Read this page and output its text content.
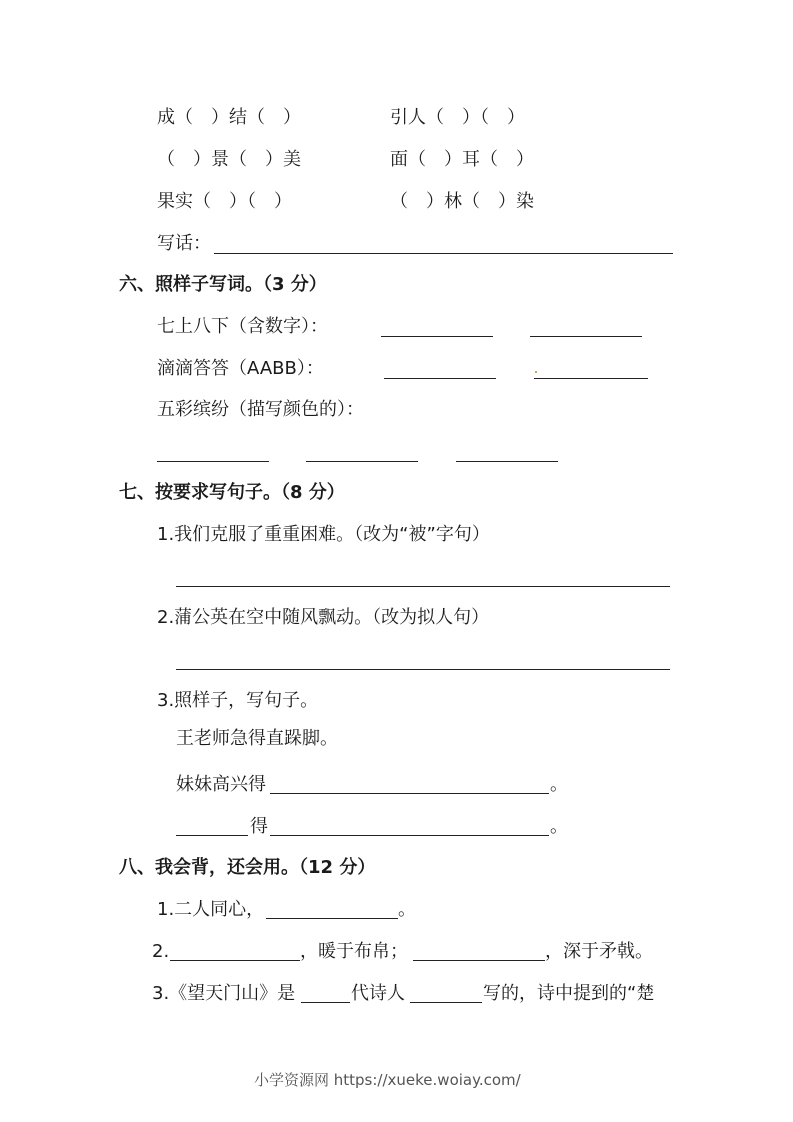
成（　）结（　）	引人（　）（　）
（　）景（　）美	面（　）耳（　）
果实（　）（　）	（　）林（　）染
写话：
六、照样子写词。（3 分）
七上八下（含数字）：
滴滴答答（AABB）：
五彩缤纷（描写颜色的）：
七、按要求写句子。（8 分）
1.我们克服了重重困难。（改为“被”字句）
2.蒲公英在空中随风飘动。（改为拟人句）
3.照样子，写句子。
王老师急得直跺脚。
妹妹高兴得	。
得	。
八、我会背，还会用。（12 分）
1.二人同心，	。
2.	，暖于布帛；	，深于矛戟。
3.《望天门山》是	代诗人	写的，诗中提到的“楚
小学资源网 https://xueke.woiay.com/
